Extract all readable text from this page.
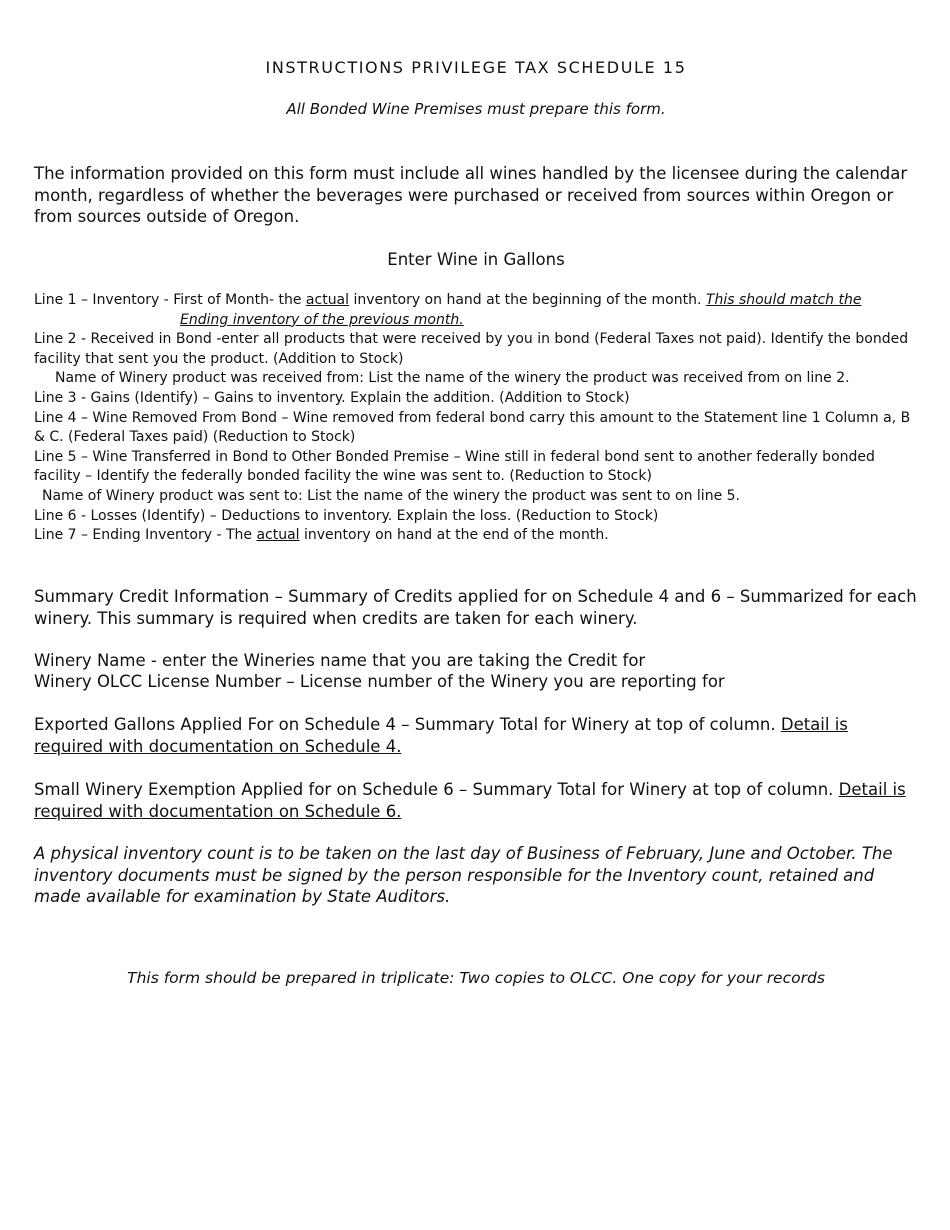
INSTRUCTIONS PRIVILEGE TAX SCHEDULE 15
All Bonded Wine Premises must prepare this form.
The information provided on this form must include all wines handled by the licensee during the calendar month, regardless of whether the beverages were purchased or received from sources within Oregon or from sources outside of Oregon.
Enter Wine in Gallons
Line 1 – Inventory - First of Month- the actual inventory on hand at the beginning of the month. This should match the
Ending inventory of the previous month.
Line 2 - Received in Bond -enter all products that were received by you in bond (Federal Taxes not paid). Identify the bonded facility that sent you the product. (Addition to Stock)
Name of Winery product was received from: List the name of the winery the product was received from on line 2.
Line 3 - Gains (Identify) – Gains to inventory. Explain the addition. (Addition to Stock)
Line 4 – Wine Removed From Bond – Wine removed from federal bond carry this amount to the Statement line 1 Column a, B & C. (Federal Taxes paid) (Reduction to Stock)
Line 5 – Wine Transferred in Bond to Other Bonded Premise – Wine still in federal bond sent to another federally bonded facility – Identify the federally bonded facility the wine was sent to. (Reduction to Stock)
Name of Winery product was sent to: List the name of the winery the product was sent to on line 5.
Line 6 - Losses (Identify) – Deductions to inventory. Explain the loss. (Reduction to Stock)
Line 7 – Ending Inventory - The actual inventory on hand at the end of the month.
Summary Credit Information – Summary of Credits applied for on Schedule 4 and 6 – Summarized for each winery. This summary is required when credits are taken for each winery.
Winery Name - enter the Wineries name that you are taking the Credit for
Winery OLCC License Number – License number of the Winery you are reporting for
Exported Gallons Applied For on Schedule 4 – Summary Total for Winery at top of column. Detail is required with documentation on Schedule 4.
Small Winery Exemption Applied for on Schedule 6 – Summary Total for Winery at top of column. Detail is required with documentation on Schedule 6.
A physical inventory count is to be taken on the last day of Business of February, June and October. The inventory documents must be signed by the person responsible for the Inventory count, retained and made available for examination by State Auditors.
This form should be prepared in triplicate: Two copies to OLCC. One copy for your records
